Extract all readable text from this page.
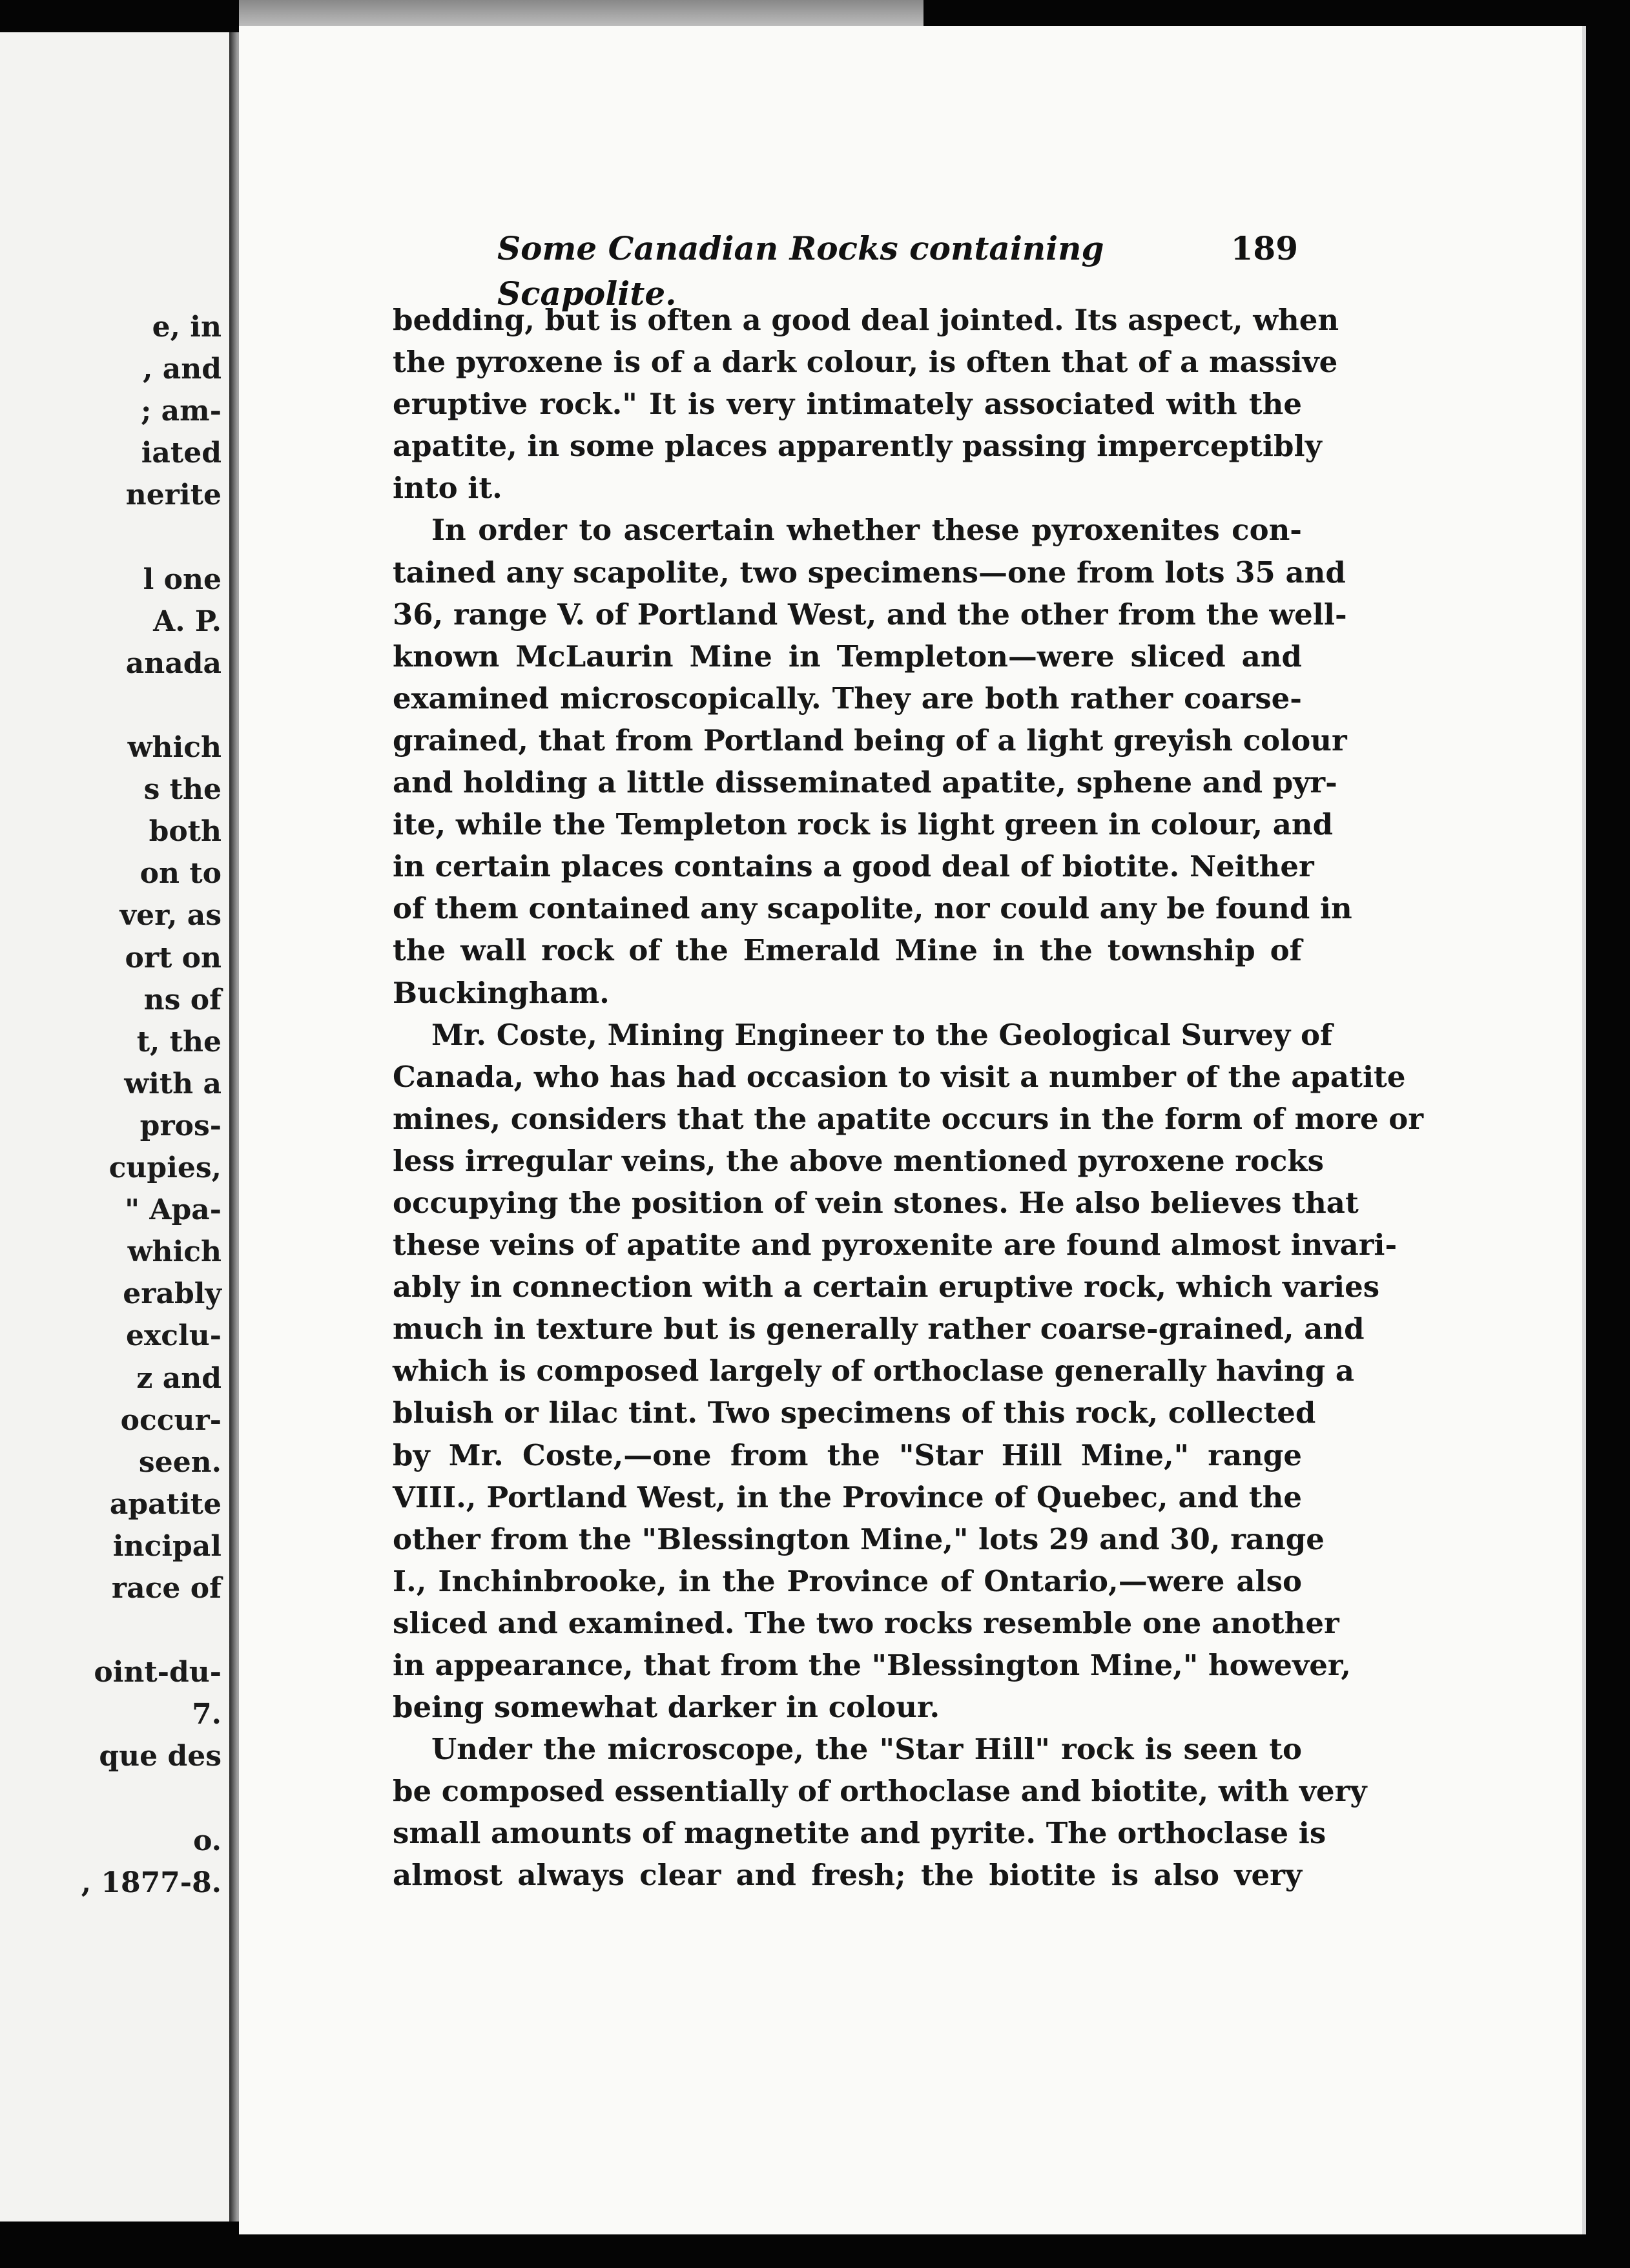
e, in
, and
; am-
iated
nerite
l one
A. P.
anada
which
s the
both
on to
ver, as
ort on
ns of
t, the
with a
pros-
cupies,
" Apa-
which
erably
exclu-
z and
occur-
seen.
apatite
incipal
race of
oint-du-
7.
que des
o.
, 1877-8.
Some Canadian Rocks containing Scapolite.
189
bedding, but is often a good deal jointed. Its aspect, when
the pyroxene is of a dark colour, is often that of a massive
eruptive rock." It is very intimately associated with the
apatite, in some places apparently passing imperceptibly
into it.
In order to ascertain whether these pyroxenites con-
tained any scapolite, two specimens—one from lots 35 and
36, range V. of Portland West, and the other from the well-
known McLaurin Mine in Templeton—were sliced and
examined microscopically. They are both rather coarse-
grained, that from Portland being of a light greyish colour
and holding a little disseminated apatite, sphene and pyr-
ite, while the Templeton rock is light green in colour, and
in certain places contains a good deal of biotite. Neither
of them contained any scapolite, nor could any be found in
the wall rock of the Emerald Mine in the township of
Buckingham.
Mr. Coste, Mining Engineer to the Geological Survey of
Canada, who has had occasion to visit a number of the apatite
mines, considers that the apatite occurs in the form of more or
less irregular veins, the above mentioned pyroxene rocks
occupying the position of vein stones. He also believes that
these veins of apatite and pyroxenite are found almost invari-
ably in connection with a certain eruptive rock, which varies
much in texture but is generally rather coarse-grained, and
which is composed largely of orthoclase generally having a
bluish or lilac tint. Two specimens of this rock, collected
by Mr. Coste,—one from the "Star Hill Mine," range
VIII., Portland West, in the Province of Quebec, and the
other from the "Blessington Mine," lots 29 and 30, range
I., Inchinbrooke, in the Province of Ontario,—were also
sliced and examined. The two rocks resemble one another
in appearance, that from the "Blessington Mine," however,
being somewhat darker in colour.
Under the microscope, the "Star Hill" rock is seen to
be composed essentially of orthoclase and biotite, with very
small amounts of magnetite and pyrite. The orthoclase is
almost always clear and fresh; the biotite is also very
